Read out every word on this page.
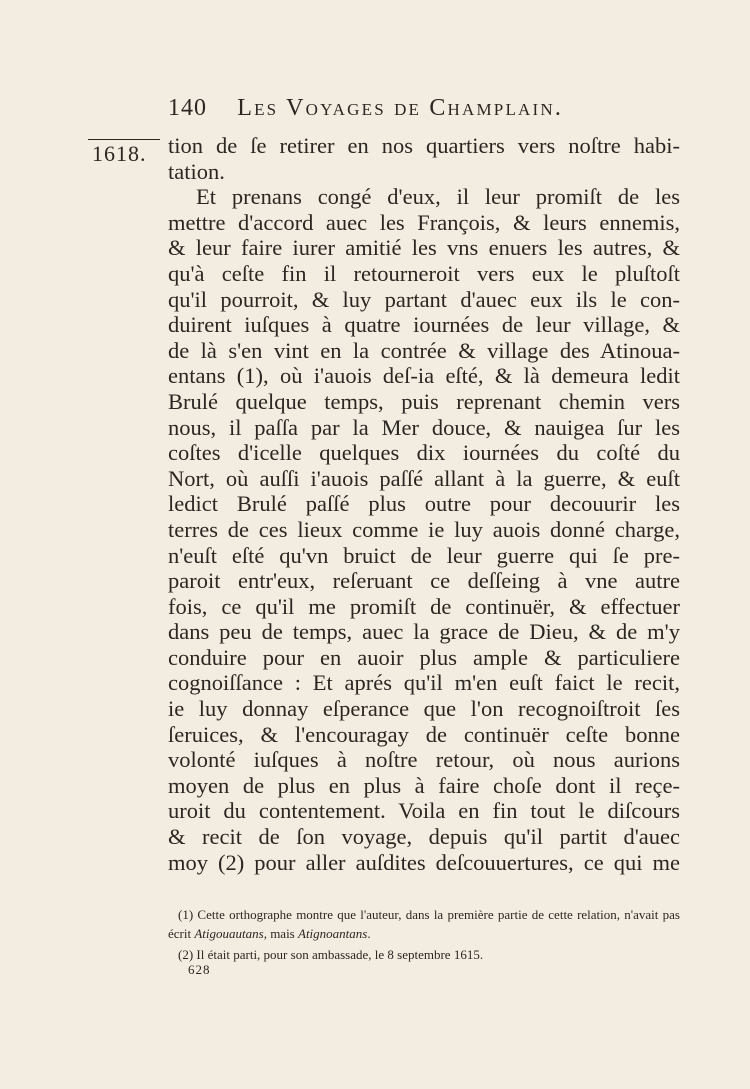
140 Les Voyages de Champlain.
1618. tion de ſe retirer en nos quartiers vers noſtre habi-
tation.
Et prenans congé d'eux, il leur promiſt de les
mettre d'accord auec les François, & leurs ennemis,
& leur faire iurer amitié les vns enuers les autres, &
qu'à ceſte fin il retourneroit vers eux le pluſtoſt
qu'il pourroit, & luy partant d'auec eux ils le con-
duirent iuſques à quatre iournées de leur village, &
de là s'en vint en la contrée & village des Atinoua-
entans (1), où i'auois deſ-ia eſté, & là demeura ledit
Brulé quelque temps, puis reprenant chemin vers
nous, il paſſa par la Mer douce, & nauigea ſur les
coſtes d'icelle quelques dix iournées du coſté du
Nort, où auſſi i'auois paſſé allant à la guerre, & euſt
ledict Brulé paſſé plus outre pour decouurir les
terres de ces lieux comme ie luy auois donné charge,
n'euſt eſté qu'vn bruict de leur guerre qui ſe pre-
paroit entr'eux, reſeruant ce deſſeing à vne autre
fois, ce qu'il me promiſt de continuër, & effectuer
dans peu de temps, auec la grace de Dieu, & de m'y
conduire pour en auoir plus ample & particuliere
cognoiſſance : Et aprés qu'il m'en euſt faict le recit,
ie luy donnay eſperance que l'on recognoiſtroit ſes
ſeruices, & l'encouragay de continuër ceſte bonne
volonté iuſques à noſtre retour, où nous aurions
moyen de plus en plus à faire choſe dont il reçe-
uroit du contentement. Voila en fin tout le diſcours
& recit de ſon voyage, depuis qu'il partit d'auec
moy (2) pour aller auſdites deſcouuertures, ce qui me
(1) Cette orthographe montre que l'auteur, dans la première partie de cette relation, n'avait pas écrit Atigouautans, mais Atignoantans.
(2) Il était parti, pour son ambassade, le 8 septembre 1615.
628
